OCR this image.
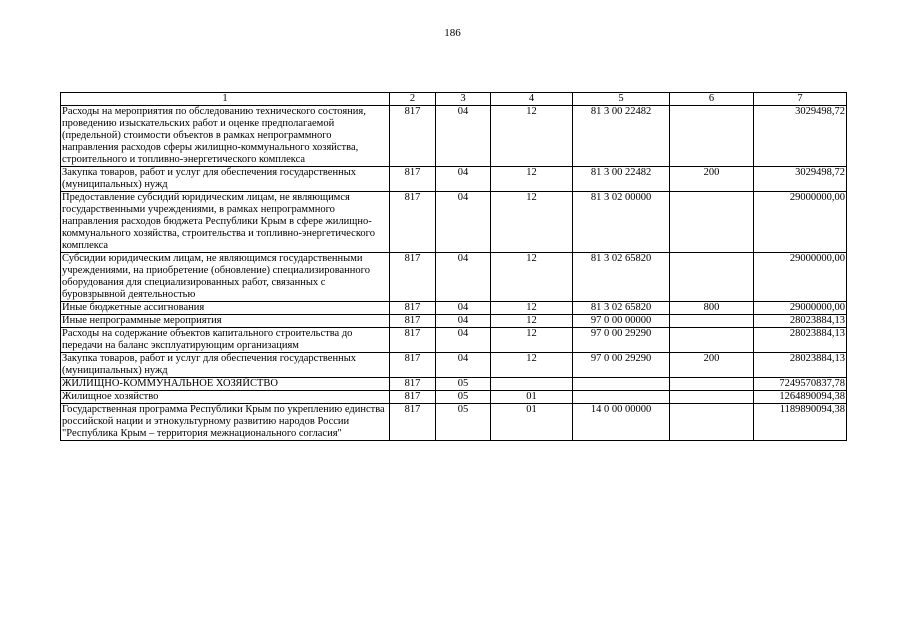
186
1	2	3	4	5	6	7
Расходы на мероприятия по обследованию технического состояния, проведению изыскательских работ и оценке предполагаемой (предельной) стоимости объектов в рамках непрограммного направления расходов сферы жилищно-коммунального хозяйства, строительного и топливно-энергетического комплекса	817	04	12	81 3 00 22482		3029498,72
Закупка товаров, работ и услуг для обеспечения государственных (муниципальных) нужд	817	04	12	81 3 00 22482	200	3029498,72
Предоставление субсидий юридическим лицам, не являющимся государственными учреждениями, в рамках непрограммного направления расходов бюджета Республики Крым в сфере жилищно-коммунального хозяйства, строительства и топливно-энергетического комплекса	817	04	12	81 3 02 00000		29000000,00
Субсидии юридическим лицам, не являющимся государственными учреждениями, на приобретение (обновление) специализированного оборудования для специализированных работ, связанных с буровзрывной деятельностью	817	04	12	81 3 02 65820		29000000,00
Иные бюджетные ассигнования	817	04	12	81 3 02 65820	800	29000000,00
Иные непрограммные мероприятия	817	04	12	97 0 00 00000		28023884,13
Расходы на содержание объектов капитального строительства до передачи на баланс эксплуатирующим организациям	817	04	12	97 0 00 29290		28023884,13
Закупка товаров, работ и услуг для обеспечения государственных (муниципальных) нужд	817	04	12	97 0 00 29290	200	28023884,13
ЖИЛИЩНО-КОММУНАЛЬНОЕ ХОЗЯЙСТВО	817	05				7249570837,78
Жилищное хозяйство	817	05	01			1264890094,38
Государственная программа Республики Крым по укреплению единства российской нации и этнокультурному развитию народов России "Республика Крым – территория межнационального согласия"	817	05	01	14 0 00 00000		1189890094,38
